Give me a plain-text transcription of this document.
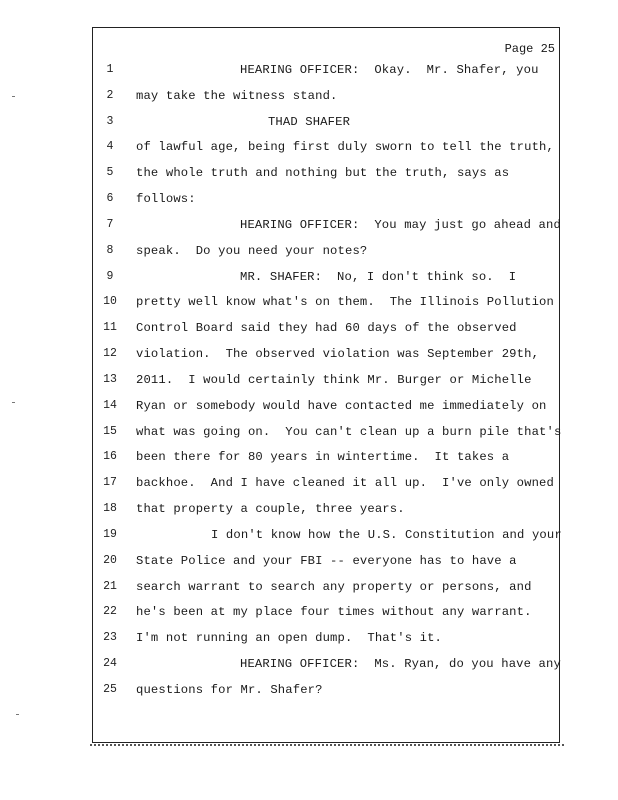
Page 25
1	HEARING OFFICER:  Okay.  Mr. Shafer, you
2	may take the witness stand.
3	THAD SHAFER
4	of lawful age, being first duly sworn to tell the truth,
5	the whole truth and nothing but the truth, says as
6	follows:
7	HEARING OFFICER:  You may just go ahead and
8	speak.  Do you need your notes?
9	MR. SHAFER:  No, I don't think so.  I
10	pretty well know what's on them.  The Illinois Pollution
11	Control Board said they had 60 days of the observed
12	violation.  The observed violation was September 29th,
13	2011.  I would certainly think Mr. Burger or Michelle
14	Ryan or somebody would have contacted me immediately on
15	what was going on.  You can't clean up a burn pile that's
16	been there for 80 years in wintertime.  It takes a
17	backhoe.  And I have cleaned it all up.  I've only owned
18	that property a couple, three years.
19	I don't know how the U.S. Constitution and your
20	State Police and your FBI -- everyone has to have a
21	search warrant to search any property or persons, and
22	he's been at my place four times without any warrant.
23	I'm not running an open dump.  That's it.
24	HEARING OFFICER:  Ms. Ryan, do you have any
25	questions for Mr. Shafer?
